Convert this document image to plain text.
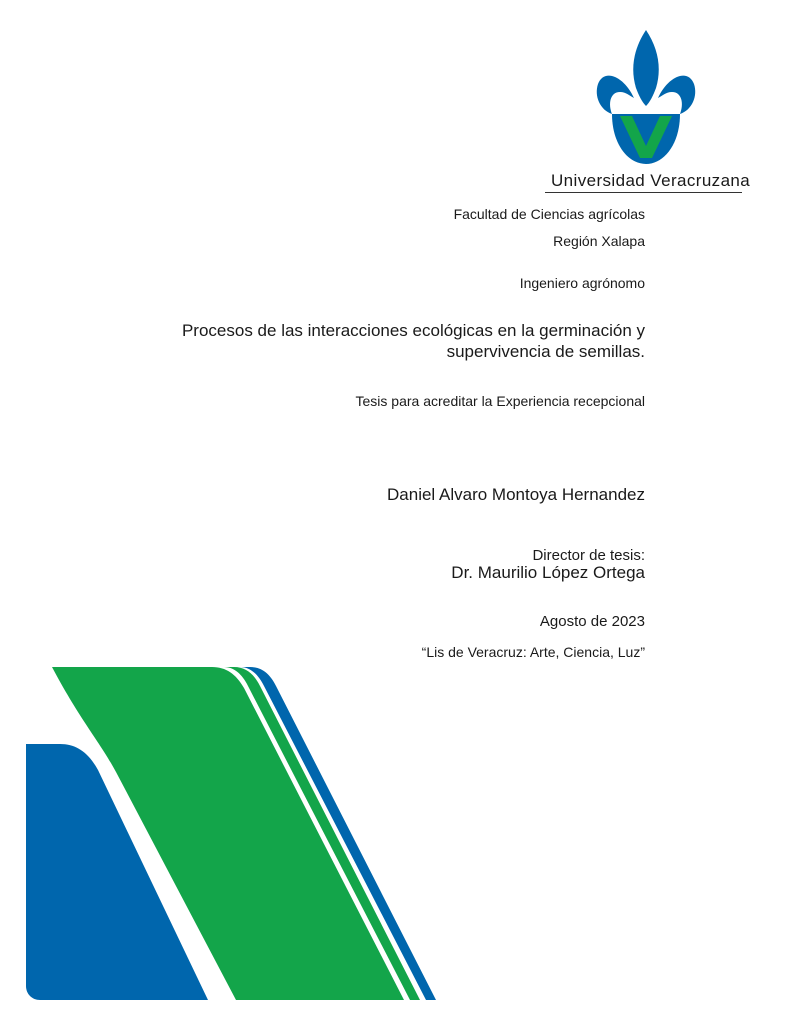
Universidad Veracruzana
Facultad de Ciencias agrícolas
Región Xalapa
Ingeniero agrónomo
Procesos de las interacciones ecológicas en la germinación y
supervivencia de semillas.
Tesis para acreditar la Experiencia recepcional
Daniel Alvaro Montoya Hernandez
Director de tesis:
Dr. Maurilio López Ortega
Agosto de 2023
“Lis de Veracruz: Arte, Ciencia, Luz”
